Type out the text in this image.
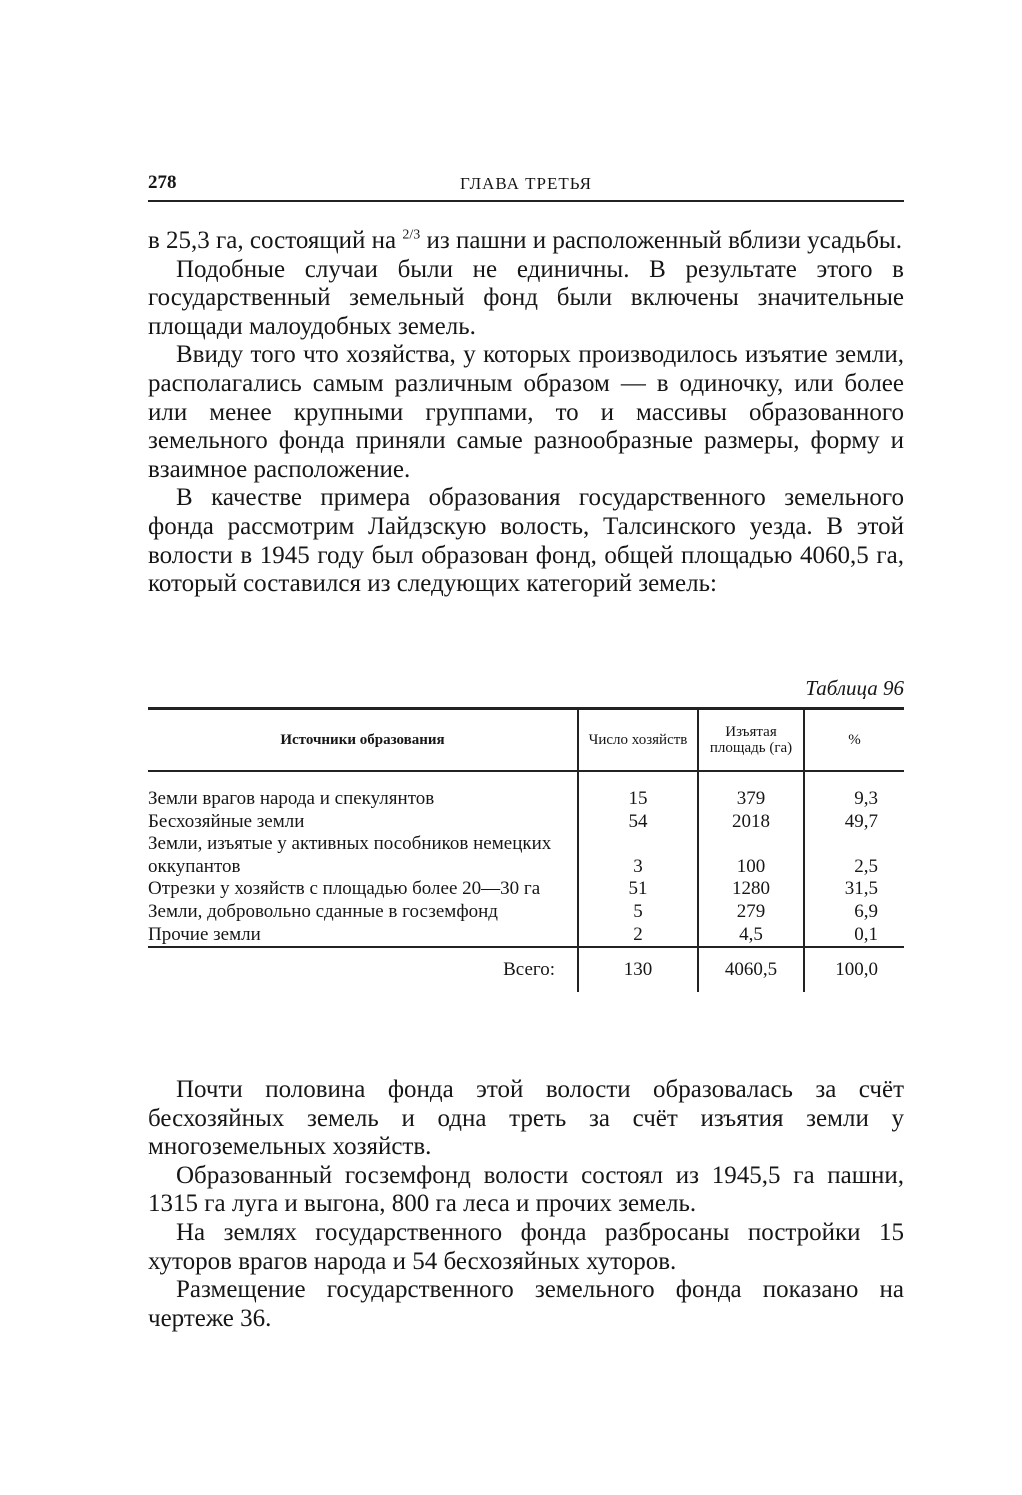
278	ГЛАВА ТРЕТЬЯ

в 25,3 га, состоящий на $^{2/3}$ из пашни и расположенный вблизи усадьбы.

Подобные случаи были не единичны. В результате этого в государственный земельный фонд были включены значительные площади малоудобных земель.

Ввиду того что хозяйства, у которых производилось изъятие земли, располагались самым различным образом — в одиночку, или более или менее крупными группами, то и массивы образованного земельного фонда приняли самые разнообразные размеры, форму и взаимное расположение.

В качестве примера образования государственного земельного фонда рассмотрим Лайдзскую волость, Талсинского уезда. В этой волости в 1945 году был образован фонд, общей площадью 4060,5 га, который составился из следующих категорий земель:

Таблица 96
Источники образования	Число хозяйств	Изъятая площадь (га)	%

Земли врагов народа и спекулянтов	15	379	9,3
Бесхозяйные земли	54	2018	49,7
Земли, изъятые у активных пособников немецких оккупантов	3	100	2,5
Отрезки у хозяйств с площадью более 20—30 га	51	1280	31,5
Земли, добровольно сданные в госземфонд	5	279	6,9
Прочие земли	2	4,5	0,1
Всего:	130	4060,5	100,0

Почти половина фонда этой волости образовалась за счёт бесхозяйных земель и одна треть за счёт изъятия земли у многоземельных хозяйств.

Образованный госземфонд волости состоял из 1945,5 га пашни, 1315 га луга и выгона, 800 га леса и прочих земель.

На землях государственного фонда разбросаны постройки 15 хуторов врагов народа и 54 бесхозяйных хуторов.

Размещение государственного земельного фонда показано на чертеже 36.
